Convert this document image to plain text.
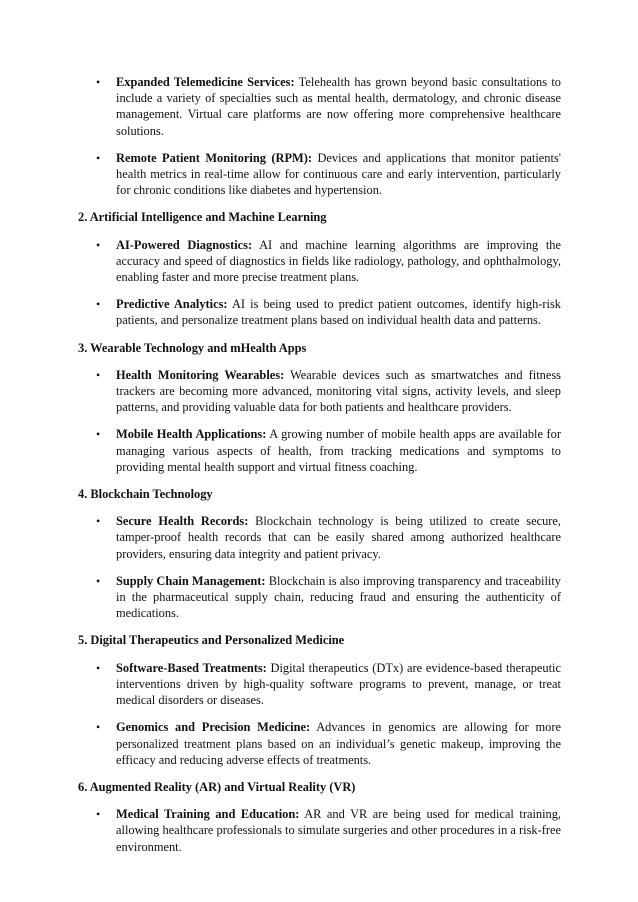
• Expanded Telemedicine Services: Telehealth has grown beyond basic consultations to include a variety of specialties such as mental health, dermatology, and chronic disease management. Virtual care platforms are now offering more comprehensive healthcare solutions.
• Remote Patient Monitoring (RPM): Devices and applications that monitor patients' health metrics in real-time allow for continuous care and early intervention, particularly for chronic conditions like diabetes and hypertension.
2. Artificial Intelligence and Machine Learning
• AI-Powered Diagnostics: AI and machine learning algorithms are improving the accuracy and speed of diagnostics in fields like radiology, pathology, and ophthalmology, enabling faster and more precise treatment plans.
• Predictive Analytics: AI is being used to predict patient outcomes, identify high-risk patients, and personalize treatment plans based on individual health data and patterns.
3. Wearable Technology and mHealth Apps
• Health Monitoring Wearables: Wearable devices such as smartwatches and fitness trackers are becoming more advanced, monitoring vital signs, activity levels, and sleep patterns, and providing valuable data for both patients and healthcare providers.
• Mobile Health Applications: A growing number of mobile health apps are available for managing various aspects of health, from tracking medications and symptoms to providing mental health support and virtual fitness coaching.
4. Blockchain Technology
• Secure Health Records: Blockchain technology is being utilized to create secure, tamper-proof health records that can be easily shared among authorized healthcare providers, ensuring data integrity and patient privacy.
• Supply Chain Management: Blockchain is also improving transparency and traceability in the pharmaceutical supply chain, reducing fraud and ensuring the authenticity of medications.
5. Digital Therapeutics and Personalized Medicine
• Software-Based Treatments: Digital therapeutics (DTx) are evidence-based therapeutic interventions driven by high-quality software programs to prevent, manage, or treat medical disorders or diseases.
• Genomics and Precision Medicine: Advances in genomics are allowing for more personalized treatment plans based on an individual’s genetic makeup, improving the efficacy and reducing adverse effects of treatments.
6. Augmented Reality (AR) and Virtual Reality (VR)
• Medical Training and Education: AR and VR are being used for medical training, allowing healthcare professionals to simulate surgeries and other procedures in a risk-free environment.
